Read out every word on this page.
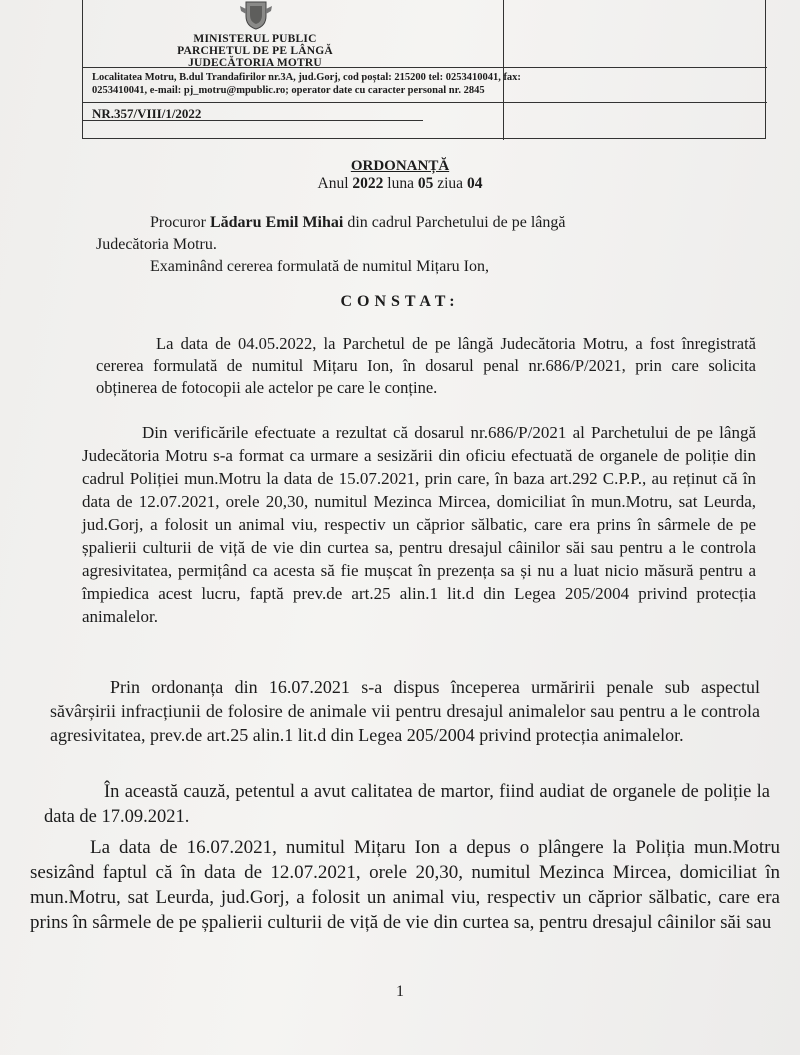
MINISTERUL PUBLIC
PARCHETUL DE PE LÂNGĂ
JUDECĂTORIA MOTRU
Localitatea Motru, B.dul Trandafirilor nr.3A, jud.Gorj, cod poștal: 215200 tel: 0253410041, fax:
0253410041, e-mail: pj_motru@mpublic.ro; operator date cu caracter personal nr. 2845
NR.357/VIII/1/2022
ORDONANȚĂ
Anul 2022 luna 05 ziua 04
Procuror Lădaru Emil Mihai din cadrul Parchetului de pe lângă
Judecătoria Motru.
Examinând cererea formulată de numitul Mițaru Ion,
CONSTAT:
La data de 04.05.2022, la Parchetul de pe lângă Judecătoria Motru, a fost înregistrată cererea formulată de numitul Mițaru Ion, în dosarul penal nr.686/P/2021, prin care solicita obținerea de fotocopii ale actelor pe care le conține.
Din verificările efectuate a rezultat că dosarul nr.686/P/2021 al Parchetului de pe lângă Judecătoria Motru s-a format ca urmare a sesizării din oficiu efectuată de organele de poliție din cadrul Poliției mun.Motru la data de 15.07.2021, prin care, în baza art.292 C.P.P., au reținut că în data de 12.07.2021, orele 20,30, numitul Mezinca Mircea, domiciliat în mun.Motru, sat Leurda, jud.Gorj, a folosit un animal viu, respectiv un căprior sălbatic, care era prins în sârmele de pe șpalierii culturii de viță de vie din curtea sa, pentru dresajul câinilor săi sau pentru a le controla agresivitatea, permițând ca acesta să fie mușcat în prezența sa și nu a luat nicio măsură pentru a împiedica acest lucru, faptă prev.de art.25 alin.1 lit.d din Legea 205/2004 privind protecția animalelor.
Prin ordonanța din 16.07.2021 s-a dispus începerea urmăririi penale sub aspectul săvârșirii infracțiunii de folosire de animale vii pentru dresajul animalelor sau pentru a le controla agresivitatea, prev.de art.25 alin.1 lit.d din Legea 205/2004 privind protecția animalelor.
În această cauză, petentul a avut calitatea de martor, fiind audiat de organele de poliție la data de 17.09.2021.
La data de 16.07.2021, numitul Mițaru Ion a depus o plângere la Poliția mun.Motru sesizând faptul că în data de 12.07.2021, orele 20,30, numitul Mezinca Mircea, domiciliat în mun.Motru, sat Leurda, jud.Gorj, a folosit un animal viu, respectiv un căprior sălbatic, care era prins în sârmele de pe șpalierii culturii de viță de vie din curtea sa, pentru dresajul câinilor săi sau
1
